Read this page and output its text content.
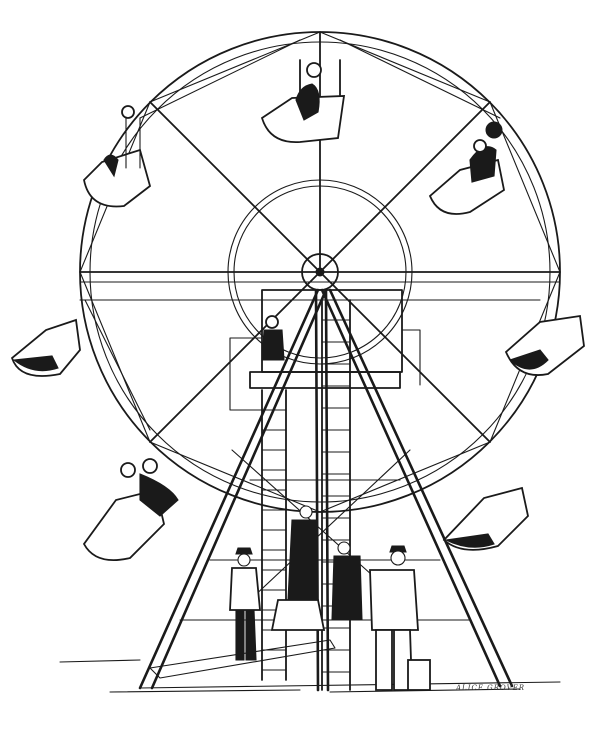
ALICE GROVER
